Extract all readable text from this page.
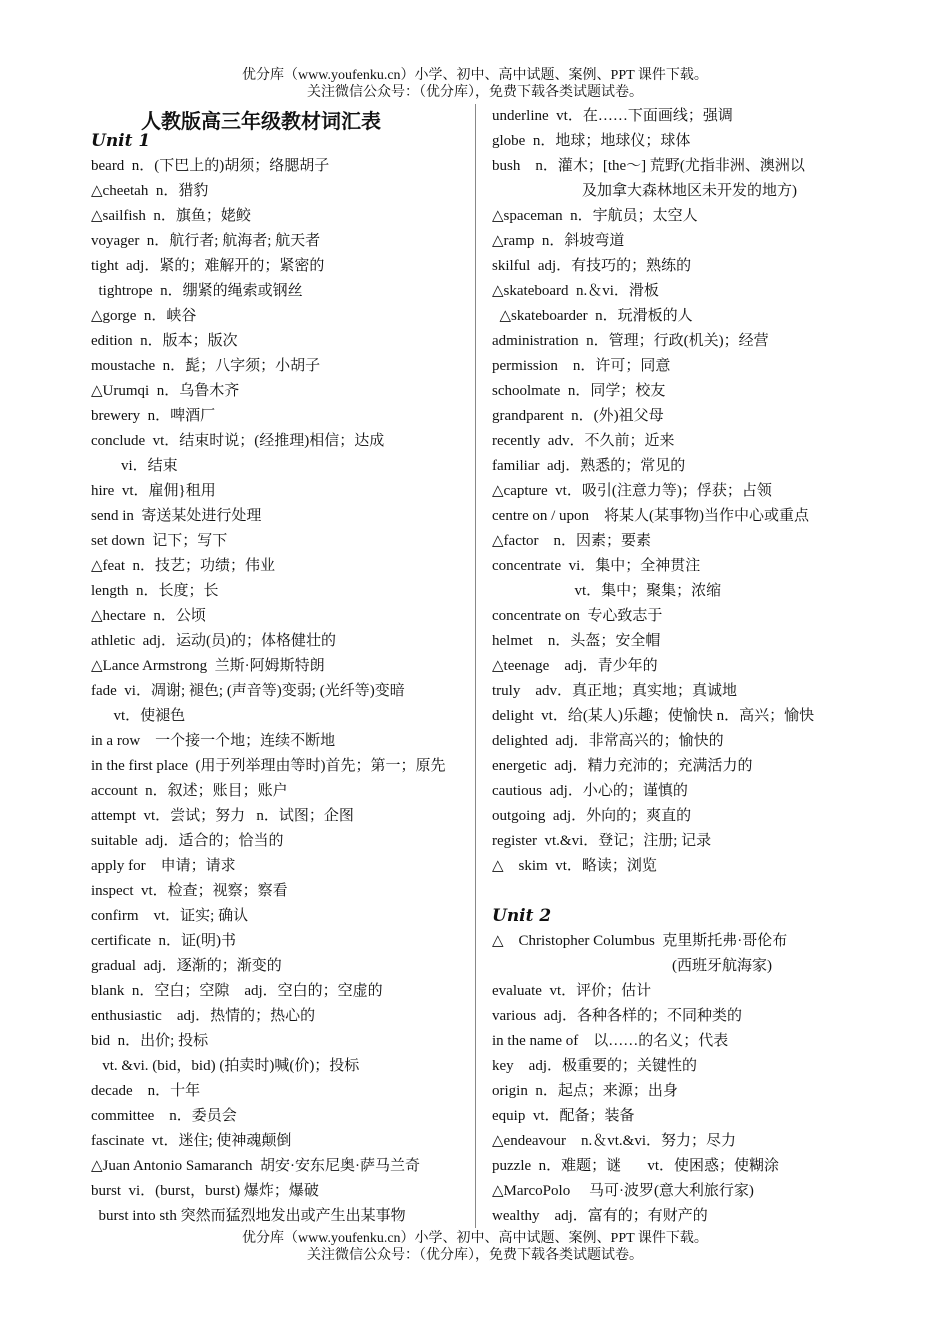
优分库（www.youfenku.cn）小学、初中、高中试题、案例、PPT 课件下载。
关注微信公众号：（优分库），免费下载各类试题试卷。
人教版高三年级教材词汇表
Unit 1
beard  n．(下巴上的)胡须；络腮胡子
△cheetah  n．猎豹
△sailfish  n．旗鱼；姥鲛
voyager  n．航行者; 航海者; 航天者
tight  adj．紧的；难解开的；紧密的
tightrope  n．绷紧的绳索或钢丝
△gorge  n．峡谷
edition  n．版本；版次
moustache  n．髭；八字须；小胡子
△Urumqi  n．乌鲁木齐
brewery  n．啤酒厂
conclude  vt．结束时说；(经推理)相信；达成
vi．结束
hire  vt．雇佣}租用
send in  寄送某处进行处理
set down  记下；写下
△feat  n．技艺；功绩；伟业
length  n．长度；长
△hectare  n．公顷
athletic  adj．运动(员)的；体格健壮的
△Lance Armstrong  兰斯·阿姆斯特朗
fade  vi．凋谢; 褪色; (声音等)变弱; (光纤等)变暗
vt．使褪色
in a row    一个接一个地；连续不断地
in the first place  (用于列举理由等时)首先；第一；原先
account  n．叙述；账目；账户
attempt  vt．尝试；努力   n．试图；企图
suitable  adj．适合的；恰当的
apply for    申请；请求
inspect  vt．检查；视察；察看
confirm    vt．证实; 确认
certificate  n．证(明)书
gradual  adj．逐渐的；渐变的
blank  n．空白；空隙    adj．空白的；空虚的
enthusiastic    adj．热情的；热心的
bid  n．出价; 投标
vt. &vi. (bid，bid) (拍卖时)喊(价)；投标
decade    n．十年
committee    n．委员会
fascinate  vt．迷住; 使神魂颠倒
△Juan Antonio Samaranch  胡安·安东尼奥·萨马兰奇
burst  vi．(burst，burst) 爆炸；爆破
burst into sth 突然而猛烈地发出或产生出某事物
underline  vt．在……下面画线；强调
globe  n．地球；地球仪；球体
bush    n．灌木；[the～] 荒野(尤指非洲、澳洲以
及加拿大森林地区未开发的地方)
△spaceman  n．宇航员；太空人
△ramp  n．斜坡弯道
skilful  adj．有技巧的；熟练的
△skateboard  n.＆vi．滑板
△skateboarder  n．玩滑板的人
administration  n．管理；行政(机关)；经营
permission    n．许可；同意
schoolmate  n．同学；校友
grandparent  n．(外)祖父母
recently  adv．不久前；近来
familiar  adj．熟悉的；常见的
△capture  vt．吸引(注意力等)；俘获；占领
centre on / upon    将某人(某事物)当作中心或重点
△factor    n．因素；要素
concentrate  vi．集中；全神贯注
vt．集中；聚集；浓缩
concentrate on  专心致志于
helmet    n．头盔；安全帽
△teenage    adj．青少年的
truly    adv．真正地；真实地；真诚地
delight  vt．给(某人)乐趣；使愉快 n．高兴；愉快
delighted  adj．非常高兴的；愉快的
energetic  adj．精力充沛的；充满活力的
cautious  adj．小心的；谨慎的
outgoing  adj．外向的；爽直的
register  vt.&vi．登记；注册; 记录
△    skim  vt．略读；浏览
Unit 2
△    Christopher Columbus  克里斯托弗·哥伦布
(西班牙航海家)
evaluate  vt．评价；估计
various  adj．各种各样的；不同种类的
in the name of    以……的名义；代表
key    adj．极重要的；关键性的
origin  n．起点；来源；出身
equip  vt．配备；装备
△endeavour    n.＆vt.&vi．努力；尽力
puzzle  n．难题；谜       vt．使困惑；使糊涂
△MarcoPolo     马可·波罗(意大利旅行家)
wealthy    adj．富有的；有财产的
优分库（www.youfenku.cn）小学、初中、高中试题、案例、PPT 课件下载。
关注微信公众号：（优分库），免费下载各类试题试卷。
